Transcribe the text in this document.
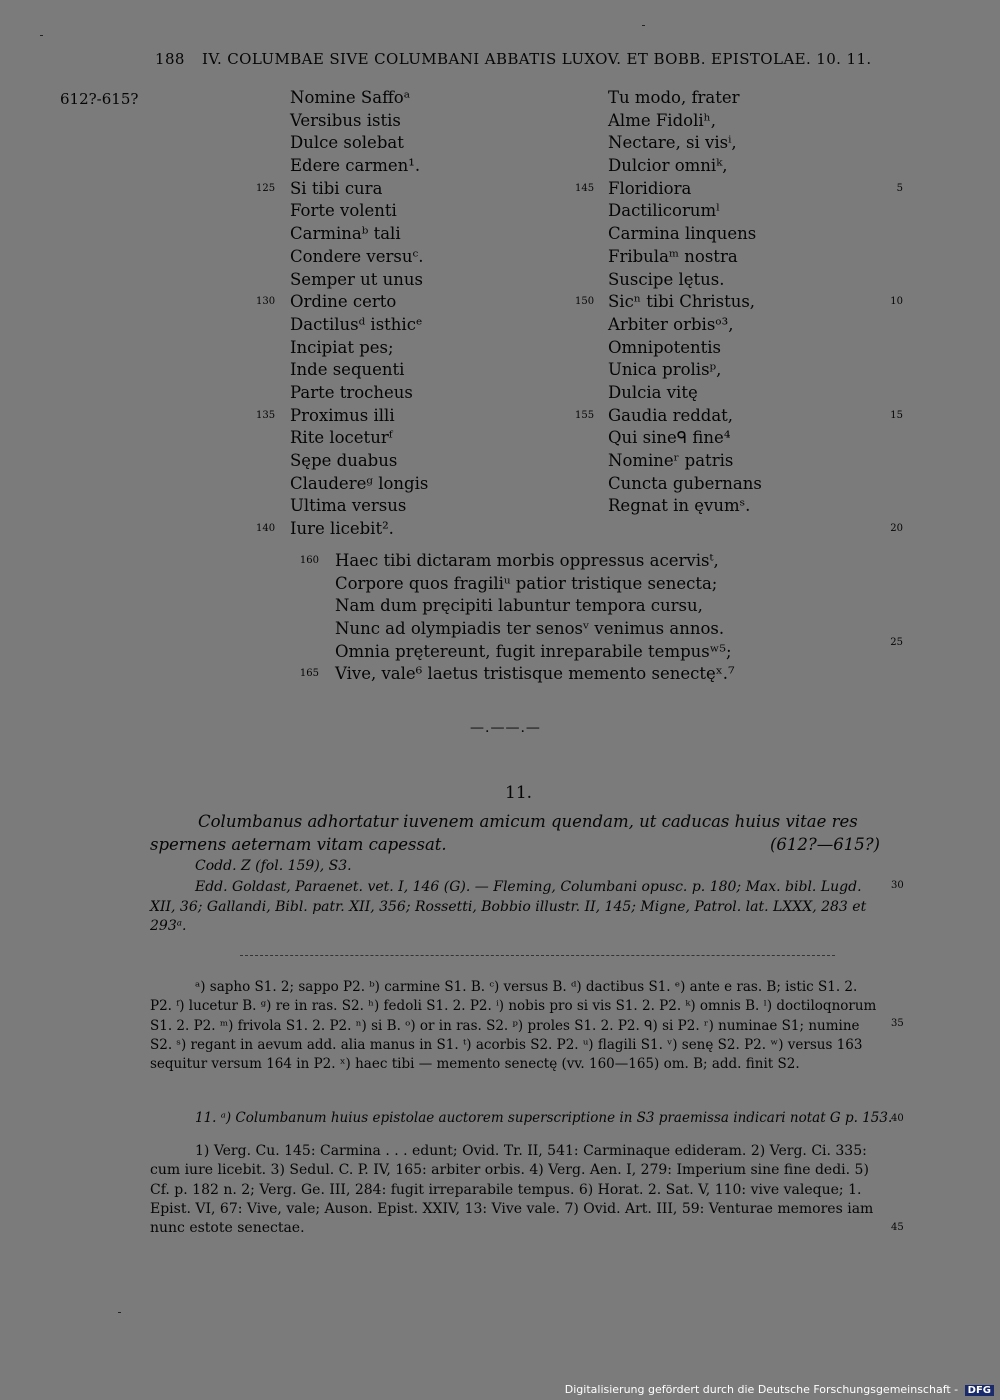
188 IV. COLUMBAE SIVE COLUMBANI ABBATIS LUXOV. ET BOBB. EPISTOLAE. 10. 11.
612?-615?
125
130
135
140
Nomine Saffoᵃ
Versibus istis
Dulce solebat
Edere carmen¹.
Si tibi cura
Forte volenti
Carminaᵇ tali
Condere versuᶜ.
Semper ut unus
Ordine certo
Dactilusᵈ isthicᵉ
Incipiat pes;
Inde sequenti
Parte trocheus
Proximus illi
Rite loceturᶠ
Sępe duabus
Claudereᵍ longis
Ultima versus
Iure licebit².
145
150
155
Tu modo, frater
Alme Fidoliʰ,
Nectare, si visⁱ,
Dulcior omniᵏ,
Floridiora
Dactilicorumˡ
Carmina linquens
Fribulaᵐ nostra
Suscipe lętus.
Sicⁿ tibi Christus,
Arbiter orbisᵒ³,
Omnipotentis
Unica prolisᵖ,
Dulcia vitę
Gaudia reddat,
Qui sineᑫ fine⁴
Nomineʳ patris
Cuncta gubernans
Regnat in ęvumˢ.
5
10
15
20
25
160
165
Haec tibi dictaram morbis oppressus acervisᵗ,
Corpore quos fragiliᵘ patior tristique senecta;
Nam dum pręcipiti labuntur tempora cursu,
Nunc ad olympiadis ter senosᵛ venimus annos.
Omnia prętereunt, fugit inreparabile tempusʷ⁵;
Vive, vale⁶ laetus tristisque memento senectęˣ.⁷
—.——.—
11.
Columbanus adhortatur iuvenem amicum quendam, ut caducas huius vitae res spernens aeternam vitam capessat.	(612?—615?)
Codd. Z (fol. 159), S3.
Edd. Goldast, Paraenet. vet. I, 146 (G). — Fleming, Columbani opusc. p. 180; Max. bibl. Lugd. XII, 36; Gallandi, Bibl. patr. XII, 356; Rossetti, Bobbio illustr. II, 145; Migne, Patrol. lat. LXXX, 283 et 293ᵃ.
ᵃ) sapho S1. 2; sappo P2. ᵇ) carmine S1. B. ᶜ) versus B. ᵈ) dactibus S1. ᵉ) ante e ras. B; istic S1. 2. P2. ᶠ) lucetur B. ᵍ) re in ras. S2. ʰ) fedoli S1. 2. P2. ⁱ) nobis pro si vis S1. 2. P2. ᵏ) omnis B. ˡ) doctiloqnorum S1. 2. P2. ᵐ) frivola S1. 2. P2. ⁿ) si B. ᵒ) or in ras. S2. ᵖ) proles S1. 2. P2. ᑫ) si P2. ʳ) numinae S1; numine S2. ˢ) regant in aevum add. alia manus in S1. ᵗ) acorbis S2. P2. ᵘ) flagili S1. ᵛ) senę S2. P2. ʷ) versus 163 sequitur versum 164 in P2. ˣ) haec tibi — memento senectę (vv. 160—165) om. B; add. finit S2.
11. ᵃ) Columbanum huius epistolae auctorem superscriptione in S3 praemissa indicari notat G p. 153.
1) Verg. Cu. 145: Carmina . . . edunt; Ovid. Tr. II, 541: Carminaque edideram. 2) Verg. Ci. 335: cum iure licebit. 3) Sedul. C. P. IV, 165: arbiter orbis. 4) Verg. Aen. I, 279: Imperium sine fine dedi. 5) Cf. p. 182 n. 2; Verg. Ge. III, 284: fugit irreparabile tempus. 6) Horat. 2. Sat. V, 110: vive valeque; 1. Epist. VI, 67: Vive, vale; Auson. Epist. XXIV, 13: Vive vale. 7) Ovid. Art. III, 59: Venturae memores iam nunc estote senectae.
30
35
40
45
Digitalisierung gefördert durch die Deutsche Forschungsgemeinschaft - DFG
